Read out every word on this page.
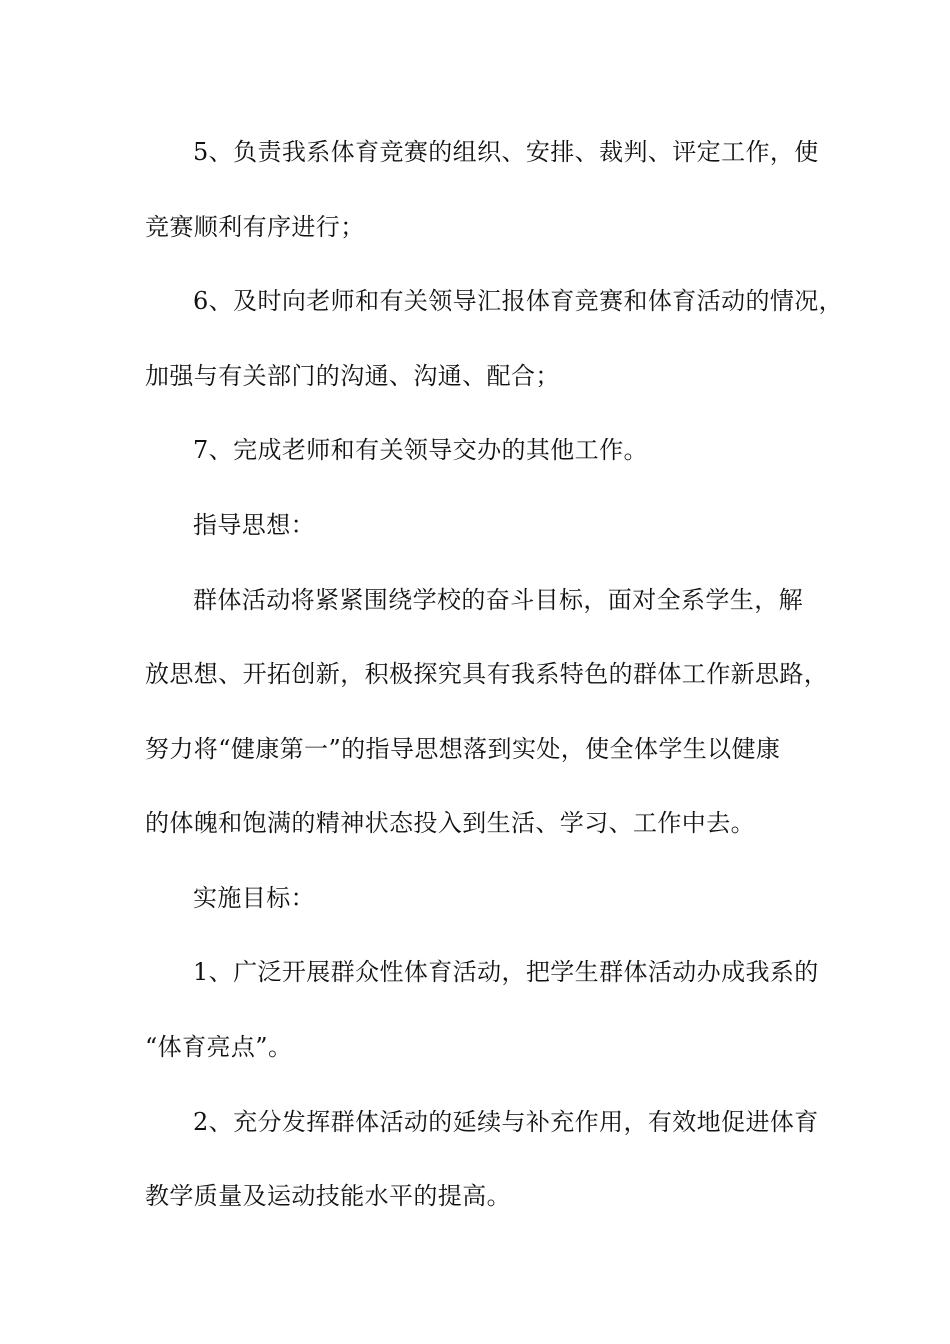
5、负责我系体育竞赛的组织、安排、裁判、评定工作，使
竞赛顺利有序进行；
6、及时向老师和有关领导汇报体育竞赛和体育活动的情况，
加强与有关部门的沟通、沟通、配合；
7、完成老师和有关领导交办的其他工作。
指导思想：
群体活动将紧紧围绕学校的奋斗目标，面对全系学生，解
放思想、开拓创新，积极探究具有我系特色的群体工作新思路，
努力将“健康第一”的指导思想落到实处，使全体学生以健康
的体魄和饱满的精神状态投入到生活、学习、工作中去。
实施目标：
1、广泛开展群众性体育活动，把学生群体活动办成我系的
“体育亮点”。
2、充分发挥群体活动的延续与补充作用，有效地促进体育
教学质量及运动技能水平的提高。
